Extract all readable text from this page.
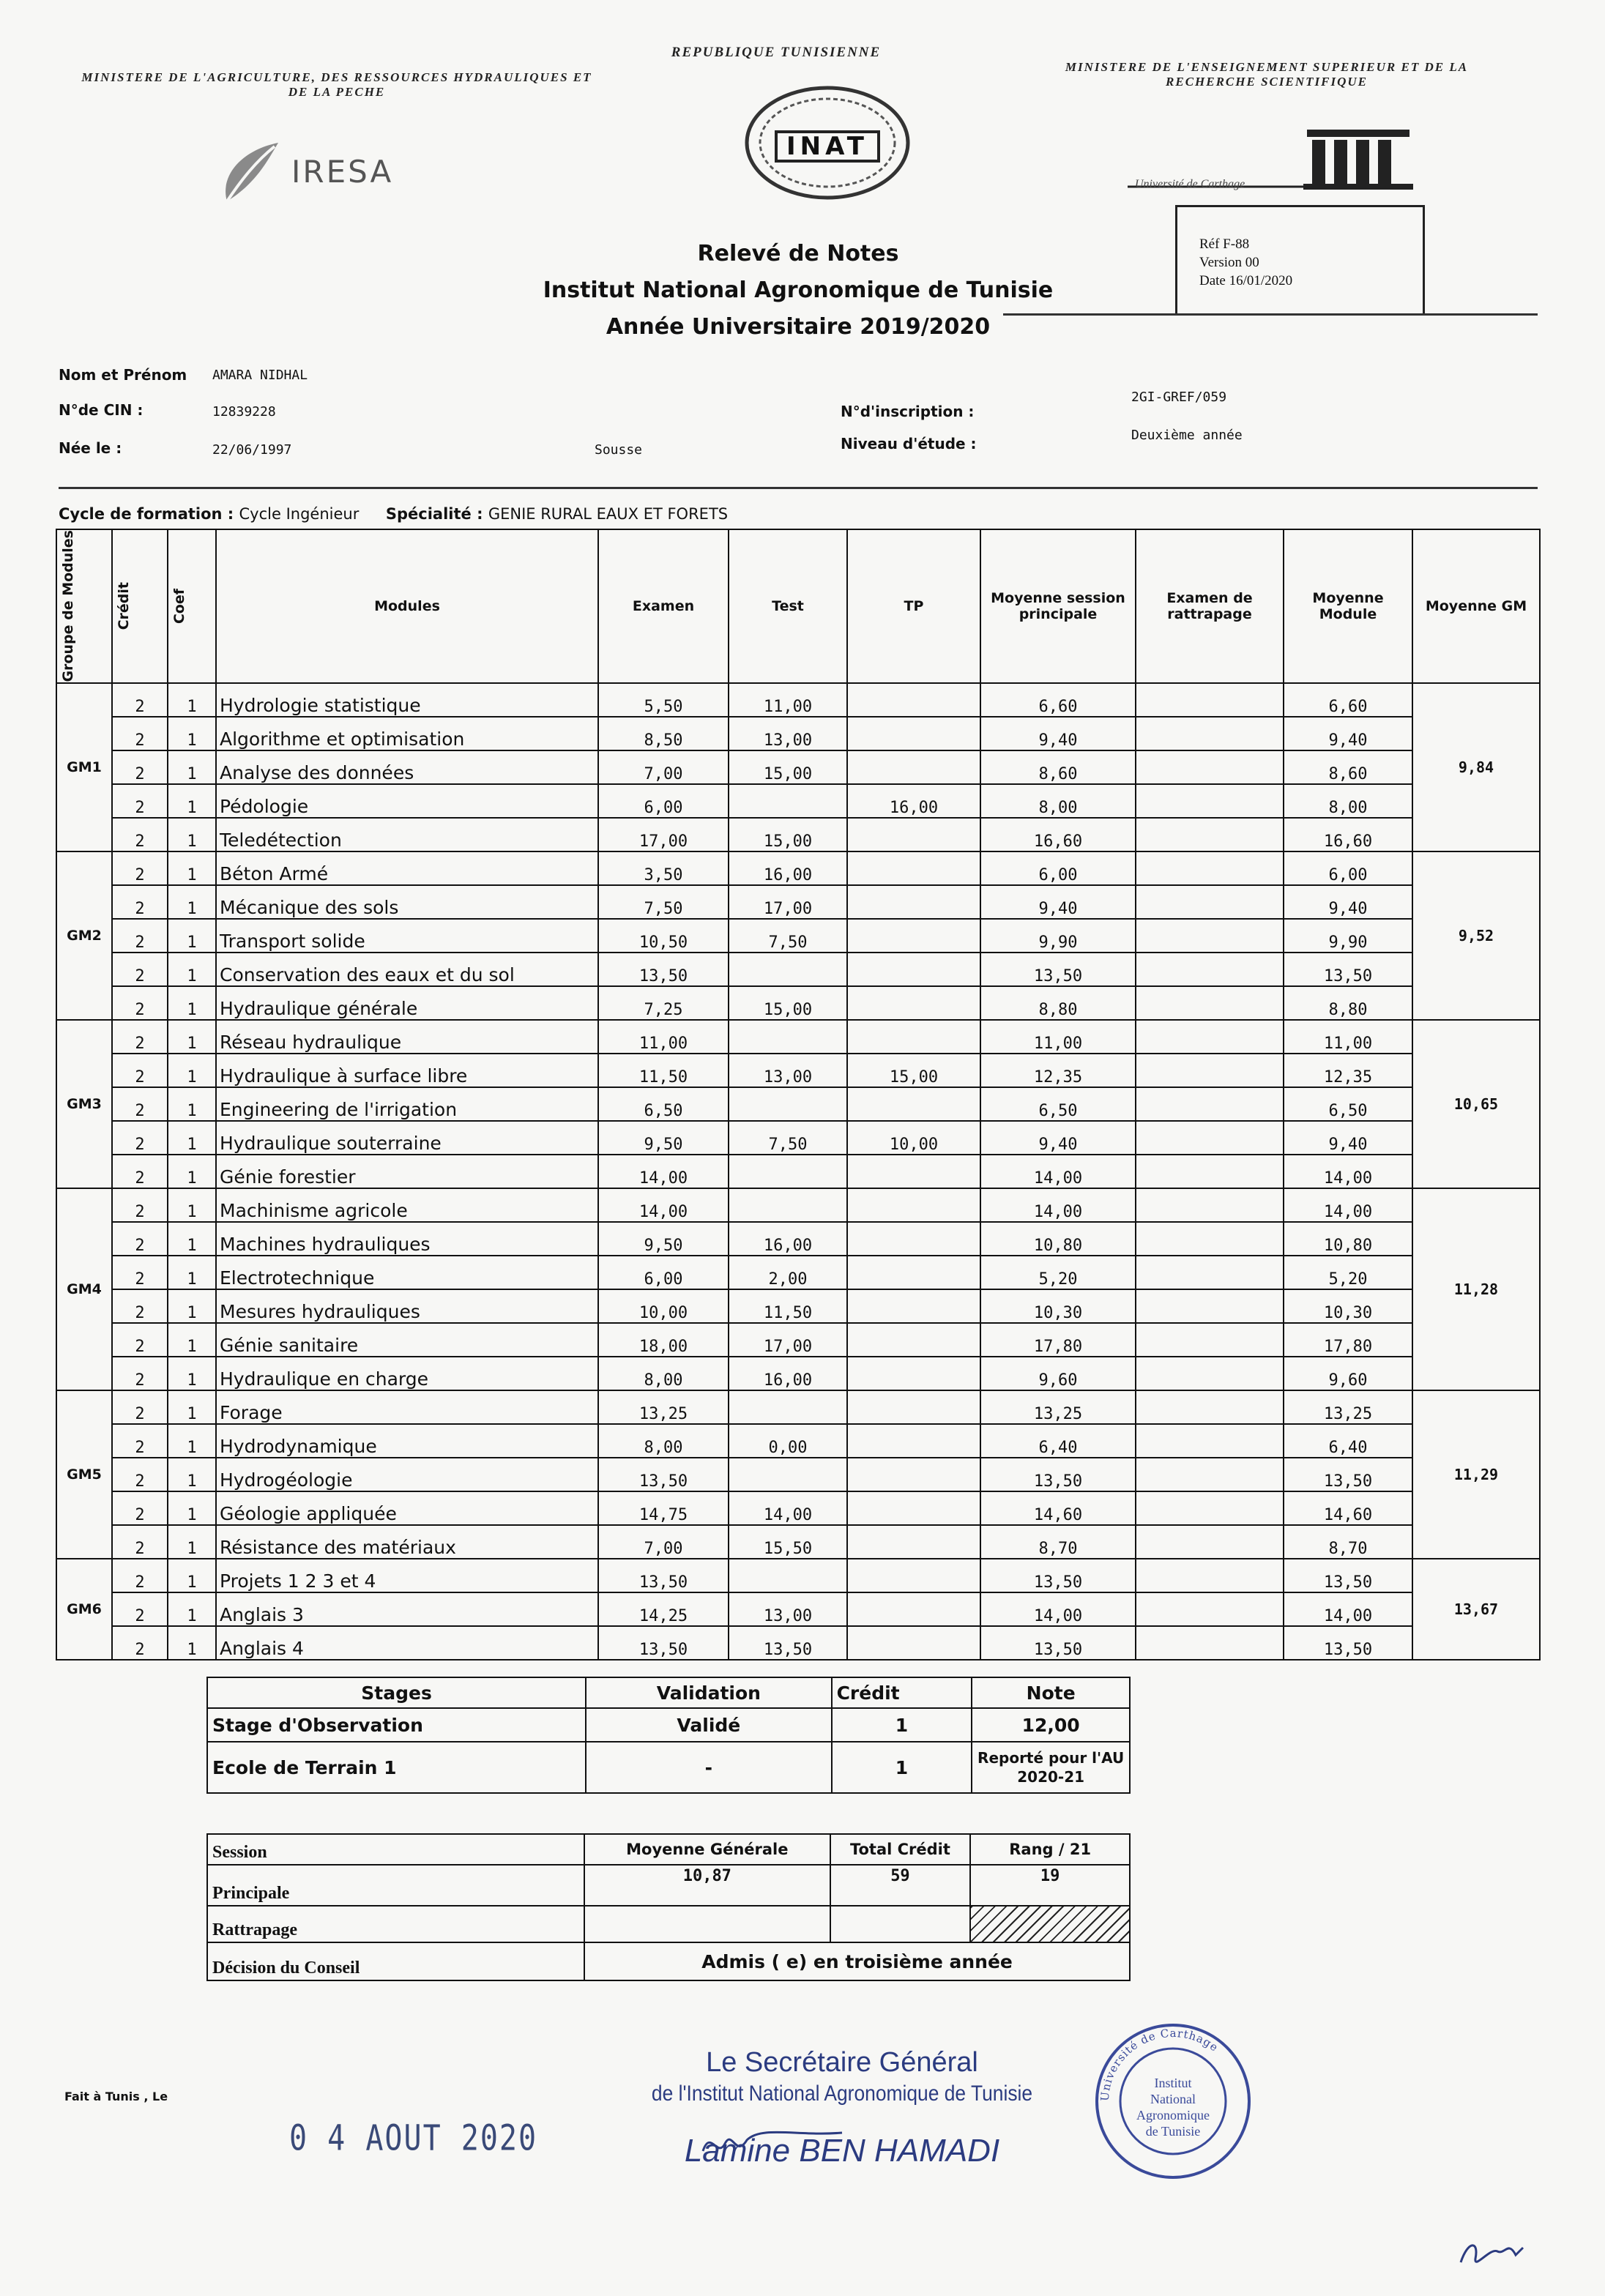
MINISTERE DE L'AGRICULTURE, DES RESSOURCES HYDRAULIQUES ET DE LA PECHE
IRESA
REPUBLIQUE TUNISIENNE
INAT
MINISTERE DE L'ENSEIGNEMENT SUPERIEUR ET DE LA RECHERCHE SCIENTIFIQUE
Université de Carthage
Réf F-88
Version 00
Date 16/01/2020
Relevé de Notes
Institut National Agronomique de Tunisie
Année Universitaire 2019/2020
Nom et Prénom AMARA NIDHAL
N°de CIN :	12839228
Née le :	22/06/1997	Sousse
N°d'inscription :
2GI-GREF/059
Niveau d'étude :	Deuxième année
Cycle de formation : Cycle Ingénieur Spécialité : GENIE RURAL EAUX ET FORETS
Groupe de Modules	Crédit	Coef	Modules	Examen	Test	TP	Moyenne session principale	Examen de rattrapage	Moyenne Module	Moyenne GM
GM1	2	1	Hydrologie statistique	5,50	11,00		6,60		6,60	9,84
	2	1	Algorithme et optimisation	8,50	13,00		9,40		9,40	
	2	1	Analyse des données	7,00	15,00		8,60		8,60	
	2	1	Pédologie	6,00		16,00	8,00		8,00	
	2	1	Teledétection	17,00	15,00		16,60		16,60	
GM2	2	1	Béton Armé	3,50	16,00		6,00		6,00	9,52
	2	1	Mécanique des sols	7,50	17,00		9,40		9,40	
	2	1	Transport solide	10,50	7,50		9,90		9,90	
	2	1	Conservation des eaux et du sol	13,50			13,50		13,50	
	2	1	Hydraulique générale	7,25	15,00		8,80		8,80	
GM3	2	1	Réseau hydraulique	11,00			11,00		11,00	10,65
	2	1	Hydraulique à surface libre	11,50	13,00	15,00	12,35		12,35	
	2	1	Engineering de l'irrigation	6,50			6,50		6,50	
	2	1	Hydraulique souterraine	9,50	7,50	10,00	9,40		9,40	
	2	1	Génie forestier	14,00			14,00		14,00	
GM4	2	1	Machinisme agricole	14,00			14,00		14,00	11,28
	2	1	Machines hydrauliques	9,50	16,00		10,80		10,80	
	2	1	Electrotechnique	6,00	2,00		5,20		5,20	
	2	1	Mesures hydrauliques	10,00	11,50		10,30		10,30	
	2	1	Génie sanitaire	18,00	17,00		17,80		17,80	
	2	1	Hydraulique en charge	8,00	16,00		9,60		9,60	
GM5	2	1	Forage	13,25			13,25		13,25	11,29
	2	1	Hydrodynamique	8,00	0,00		6,40		6,40	
	2	1	Hydrogéologie	13,50			13,50		13,50	
	2	1	Géologie appliquée	14,75	14,00		14,60		14,60	
	2	1	Résistance des matériaux	7,00	15,50		8,70		8,70	
GM6	2	1	Projets 1 2 3 et 4	13,50			13,50		13,50	13,67
	2	1	Anglais 3	14,25	13,00		14,00		14,00	
	2	1	Anglais 4	13,50	13,50		13,50		13,50	
Stages	Validation	Crédit	Note
Stage d'Observation	Validé	1	12,00
Ecole de Terrain 1	-	1	Reporté pour l'AU 2020-21
Session	Moyenne Générale	Total Crédit	Rang / 21
Principale	10,87	59	19
Rattrapage			
Décision du Conseil	Admis ( e) en troisième année		
Fait à Tunis , Le
0 4 AOUT 2020
Le Secrétaire Général
de l'Institut National Agronomique de Tunisie
Lamine BEN HAMADI
Université de Carthage
Institut National Agronomique de Tunisie
